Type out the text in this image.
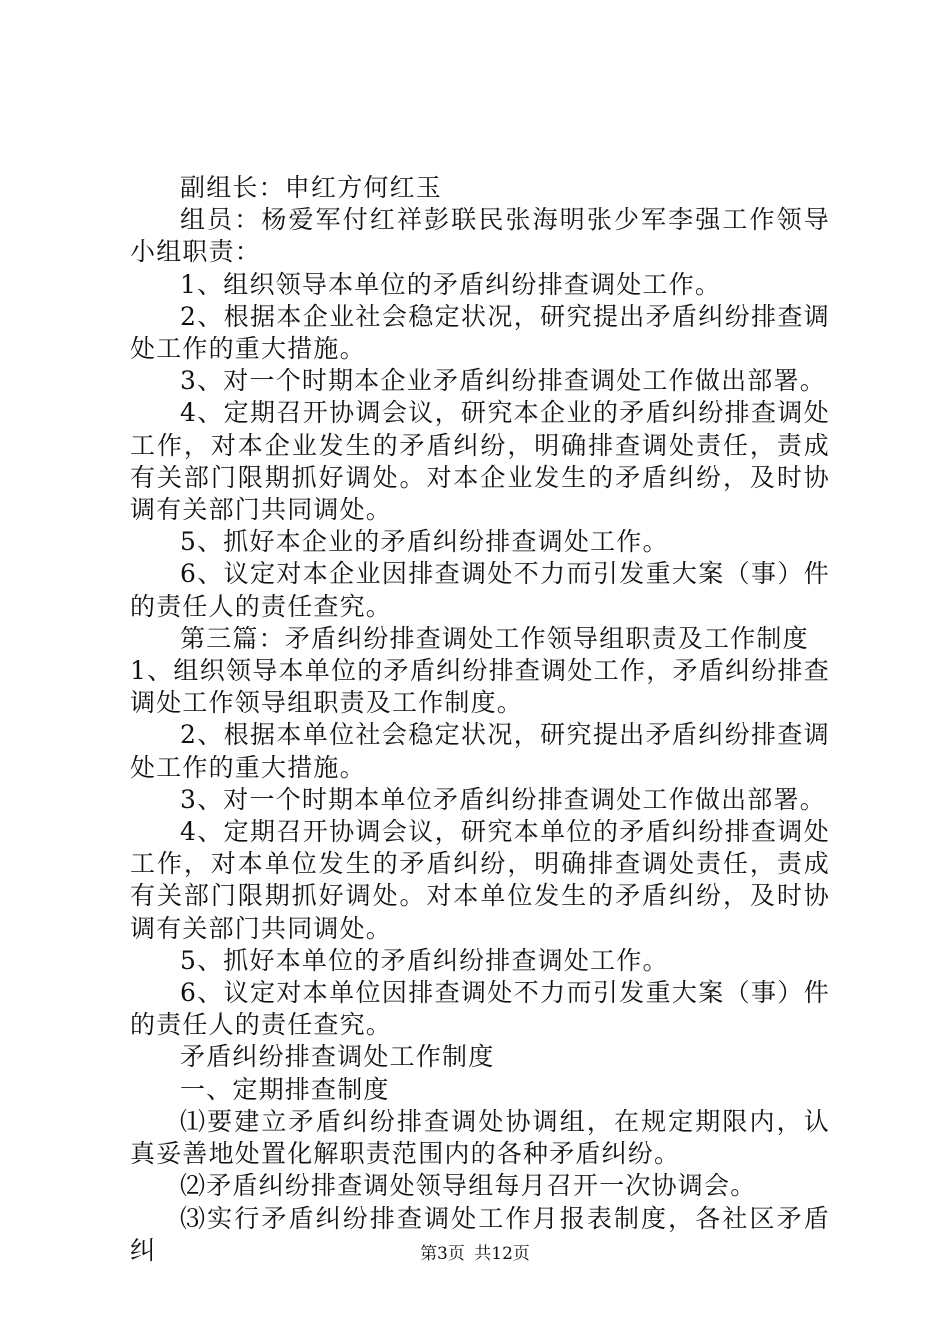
副组长：申红方何红玉

组员：杨爱军付红祥彭联民张海明张少军李强工作领导小组职责：

1、组织领导本单位的矛盾纠纷排查调处工作。

2、根据本企业社会稳定状况，研究提出矛盾纠纷排查调处工作的重大措施。

3、对一个时期本企业矛盾纠纷排查调处工作做出部署。

4、定期召开协调会议，研究本企业的矛盾纠纷排查调处工作，对本企业发生的矛盾纠纷，明确排查调处责任，责成有关部门限期抓好调处。对本企业发生的矛盾纠纷，及时协调有关部门共同调处。

5、抓好本企业的矛盾纠纷排查调处工作。

6、议定对本企业因排查调处不力而引发重大案（事）件的责任人的责任查究。

第三篇：矛盾纠纷排查调处工作领导组职责及工作制度

1、组织领导本单位的矛盾纠纷排查调处工作，矛盾纠纷排查调处工作领导组职责及工作制度。

2、根据本单位社会稳定状况，研究提出矛盾纠纷排查调处工作的重大措施。

3、对一个时期本单位矛盾纠纷排查调处工作做出部署。

4、定期召开协调会议，研究本单位的矛盾纠纷排查调处工作，对本单位发生的矛盾纠纷，明确排查调处责任，责成有关部门限期抓好调处。对本单位发生的矛盾纠纷，及时协调有关部门共同调处。

5、抓好本单位的矛盾纠纷排查调处工作。

6、议定对本单位因排查调处不力而引发重大案（事）件的责任人的责任查究。

矛盾纠纷排查调处工作制度

一、定期排查制度

⑴要建立矛盾纠纷排查调处协调组，在规定期限内，认真妥善地处置化解职责范围内的各种矛盾纠纷。

⑵矛盾纠纷排查调处领导组每月召开一次协调会。

⑶实行矛盾纠纷排查调处工作月报表制度，各社区矛盾纠	第3页 共12页
